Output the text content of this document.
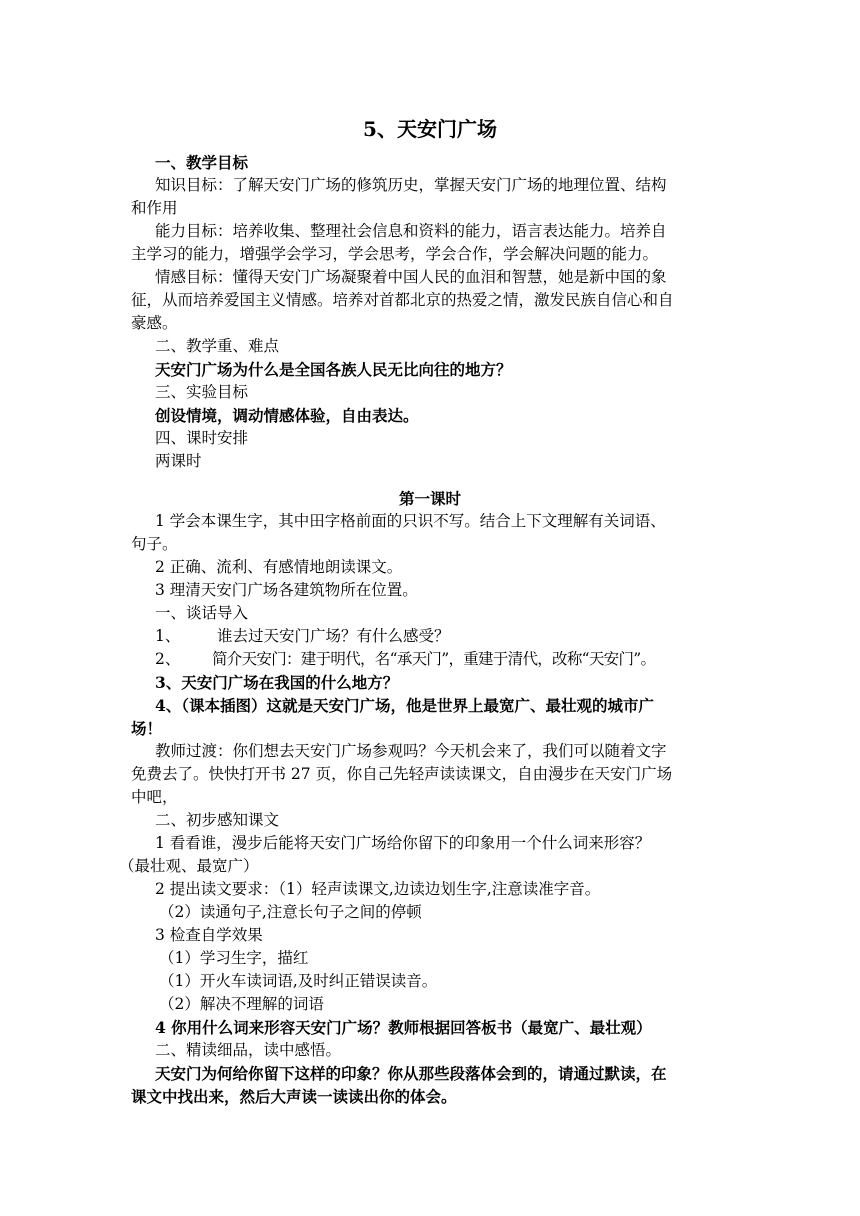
5、天安门广场
一、教学目标
知识目标：了解天安门广场的修筑历史，掌握天安门广场的地理位置、结构
和作用
能力目标：培养收集、整理社会信息和资料的能力，语言表达能力。培养自
主学习的能力，增强学会学习，学会思考，学会合作，学会解决问题的能力。
情感目标：懂得天安门广场凝聚着中国人民的血泪和智慧，她是新中国的象
征，从而培养爱国主义情感。培养对首都北京的热爱之情，激发民族自信心和自
豪感。
二、教学重、难点
天安门广场为什么是全国各族人民无比向往的地方？
三、实验目标
创设情境，调动情感体验，自由表达。
四、课时安排
两课时
第一课时
1 学会本课生字，其中田字格前面的只识不写。结合上下文理解有关词语、
句子。
2 正确、流利、有感情地朗读课文。
3 理清天安门广场各建筑物所在位置。
一、谈话导入
1、 谁去过天安门广场？有什么感受？
2、 简介天安门：建于明代，名“承天门”，重建于清代，改称“天安门”。
3、天安门广场在我国的什么地方？
4、（课本插图）这就是天安门广场，他是世界上最宽广、最壮观的城市广
场！
教师过渡：你们想去天安门广场参观吗？今天机会来了，我们可以随着文字
免费去了。快快打开书 27 页，你自己先轻声读读课文，自由漫步在天安门广场
中吧，
二、初步感知课文
1 看看谁，漫步后能将天安门广场给你留下的印象用一个什么词来形容？
（最壮观、最宽广）
2 提出读文要求：（1）轻声读课文,边读边划生字,注意读准字音。
（2）读通句子,注意长句子之间的停顿
3 检查自学效果
（1）学习生字，描红
（1）开火车读词语,及时纠正错误读音。
（2）解决不理解的词语
4 你用什么词来形容天安门广场？教师根据回答板书（最宽广、最壮观）
二、精读细品，读中感悟。
天安门为何给你留下这样的印象？你从那些段落体会到的，请通过默读，在
课文中找出来，然后大声读一读读出你的体会。
